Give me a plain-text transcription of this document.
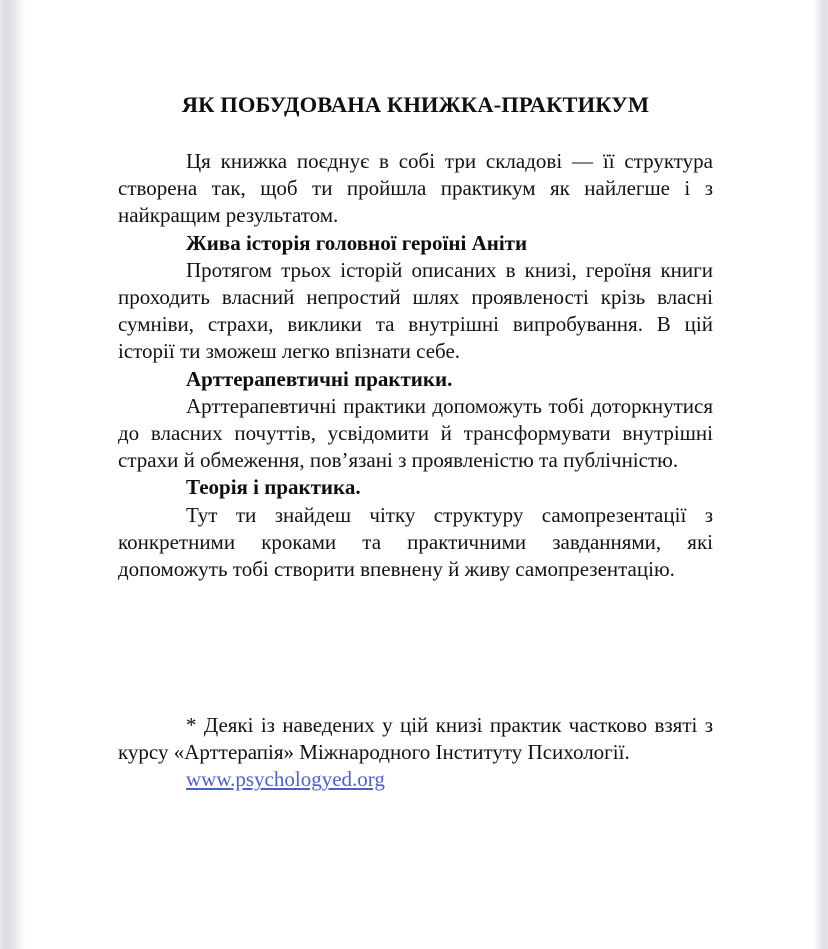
ЯК ПОБУДОВАНА КНИЖКА-ПРАКТИКУМ

Ця книжка поєднує в собі три складові — її структура створена так, щоб ти пройшла практикум як найлегше і з найкращим результатом.

Жива історія головної героїні Аніти

Протягом трьох історій описаних в книзі, героїня книги проходить власний непростий шлях проявленості крізь власні сумніви, страхи, виклики та внутрішні випробування. В цій історії ти зможеш легко впізнати себе.

Арттерапевтичні практики.

Арттерапевтичні практики допоможуть тобі доторкнутися до власних почуттів, усвідомити й трансформувати внутрішні страхи й обмеження, пов’язані з проявленістю та публічністю.

Теорія і практика.

Тут ти знайдеш чітку структуру самопрезентації з конкретними кроками та практичними завданнями, які допоможуть тобі створити впевнену й живу самопрезентацію.

* Деякі із наведених у цій книзі практик частково взяті з курсу «Арттерапія» Міжнародного Інституту Психології.

www.psychologyed.org
